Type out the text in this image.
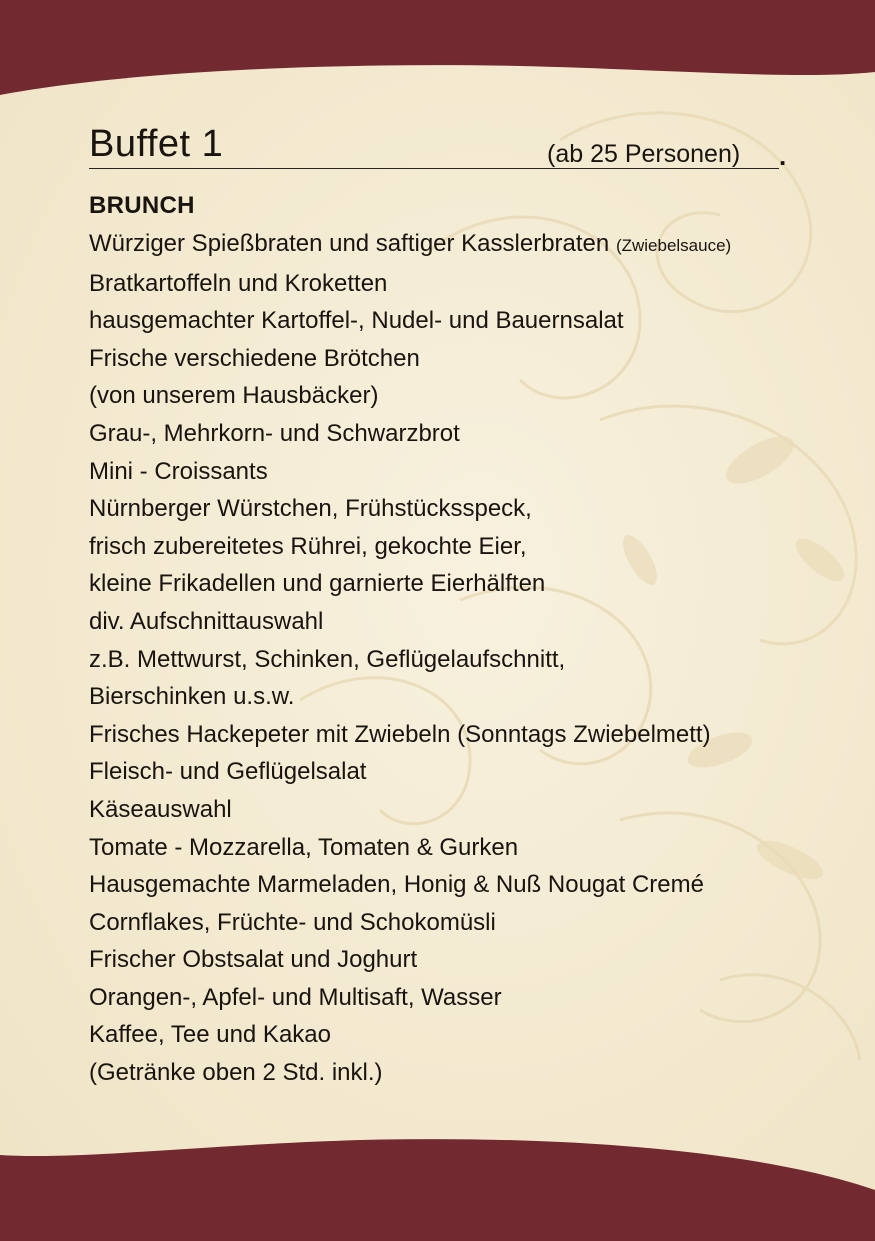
Buffet 1	(ab 25 Personen) .
BRUNCH
Würziger Spießbraten und saftiger Kasslerbraten (Zwiebelsauce)
Bratkartoffeln und Kroketten
hausgemachter Kartoffel-, Nudel- und Bauernsalat
Frische verschiedene Brötchen
(von unserem Hausbäcker)
Grau-, Mehrkorn- und Schwarzbrot
Mini - Croissants
Nürnberger Würstchen, Frühstücksspeck,
frisch zubereitetes Rührei, gekochte Eier,
kleine Frikadellen und garnierte Eierhälften
div. Aufschnittauswahl
z.B. Mettwurst, Schinken, Geflügelaufschnitt,
Bierschinken u.s.w.
Frisches Hackepeter mit Zwiebeln (Sonntags Zwiebelmett)
Fleisch- und Geflügelsalat
Käseauswahl
Tomate - Mozzarella, Tomaten & Gurken
Hausgemachte Marmeladen, Honig & Nuß Nougat Cremé
Cornflakes, Früchte- und Schokomüsli
Frischer Obstsalat und Joghurt
Orangen-, Apfel- und Multisaft, Wasser
Kaffee, Tee und Kakao
(Getränke oben 2 Std. inkl.)
